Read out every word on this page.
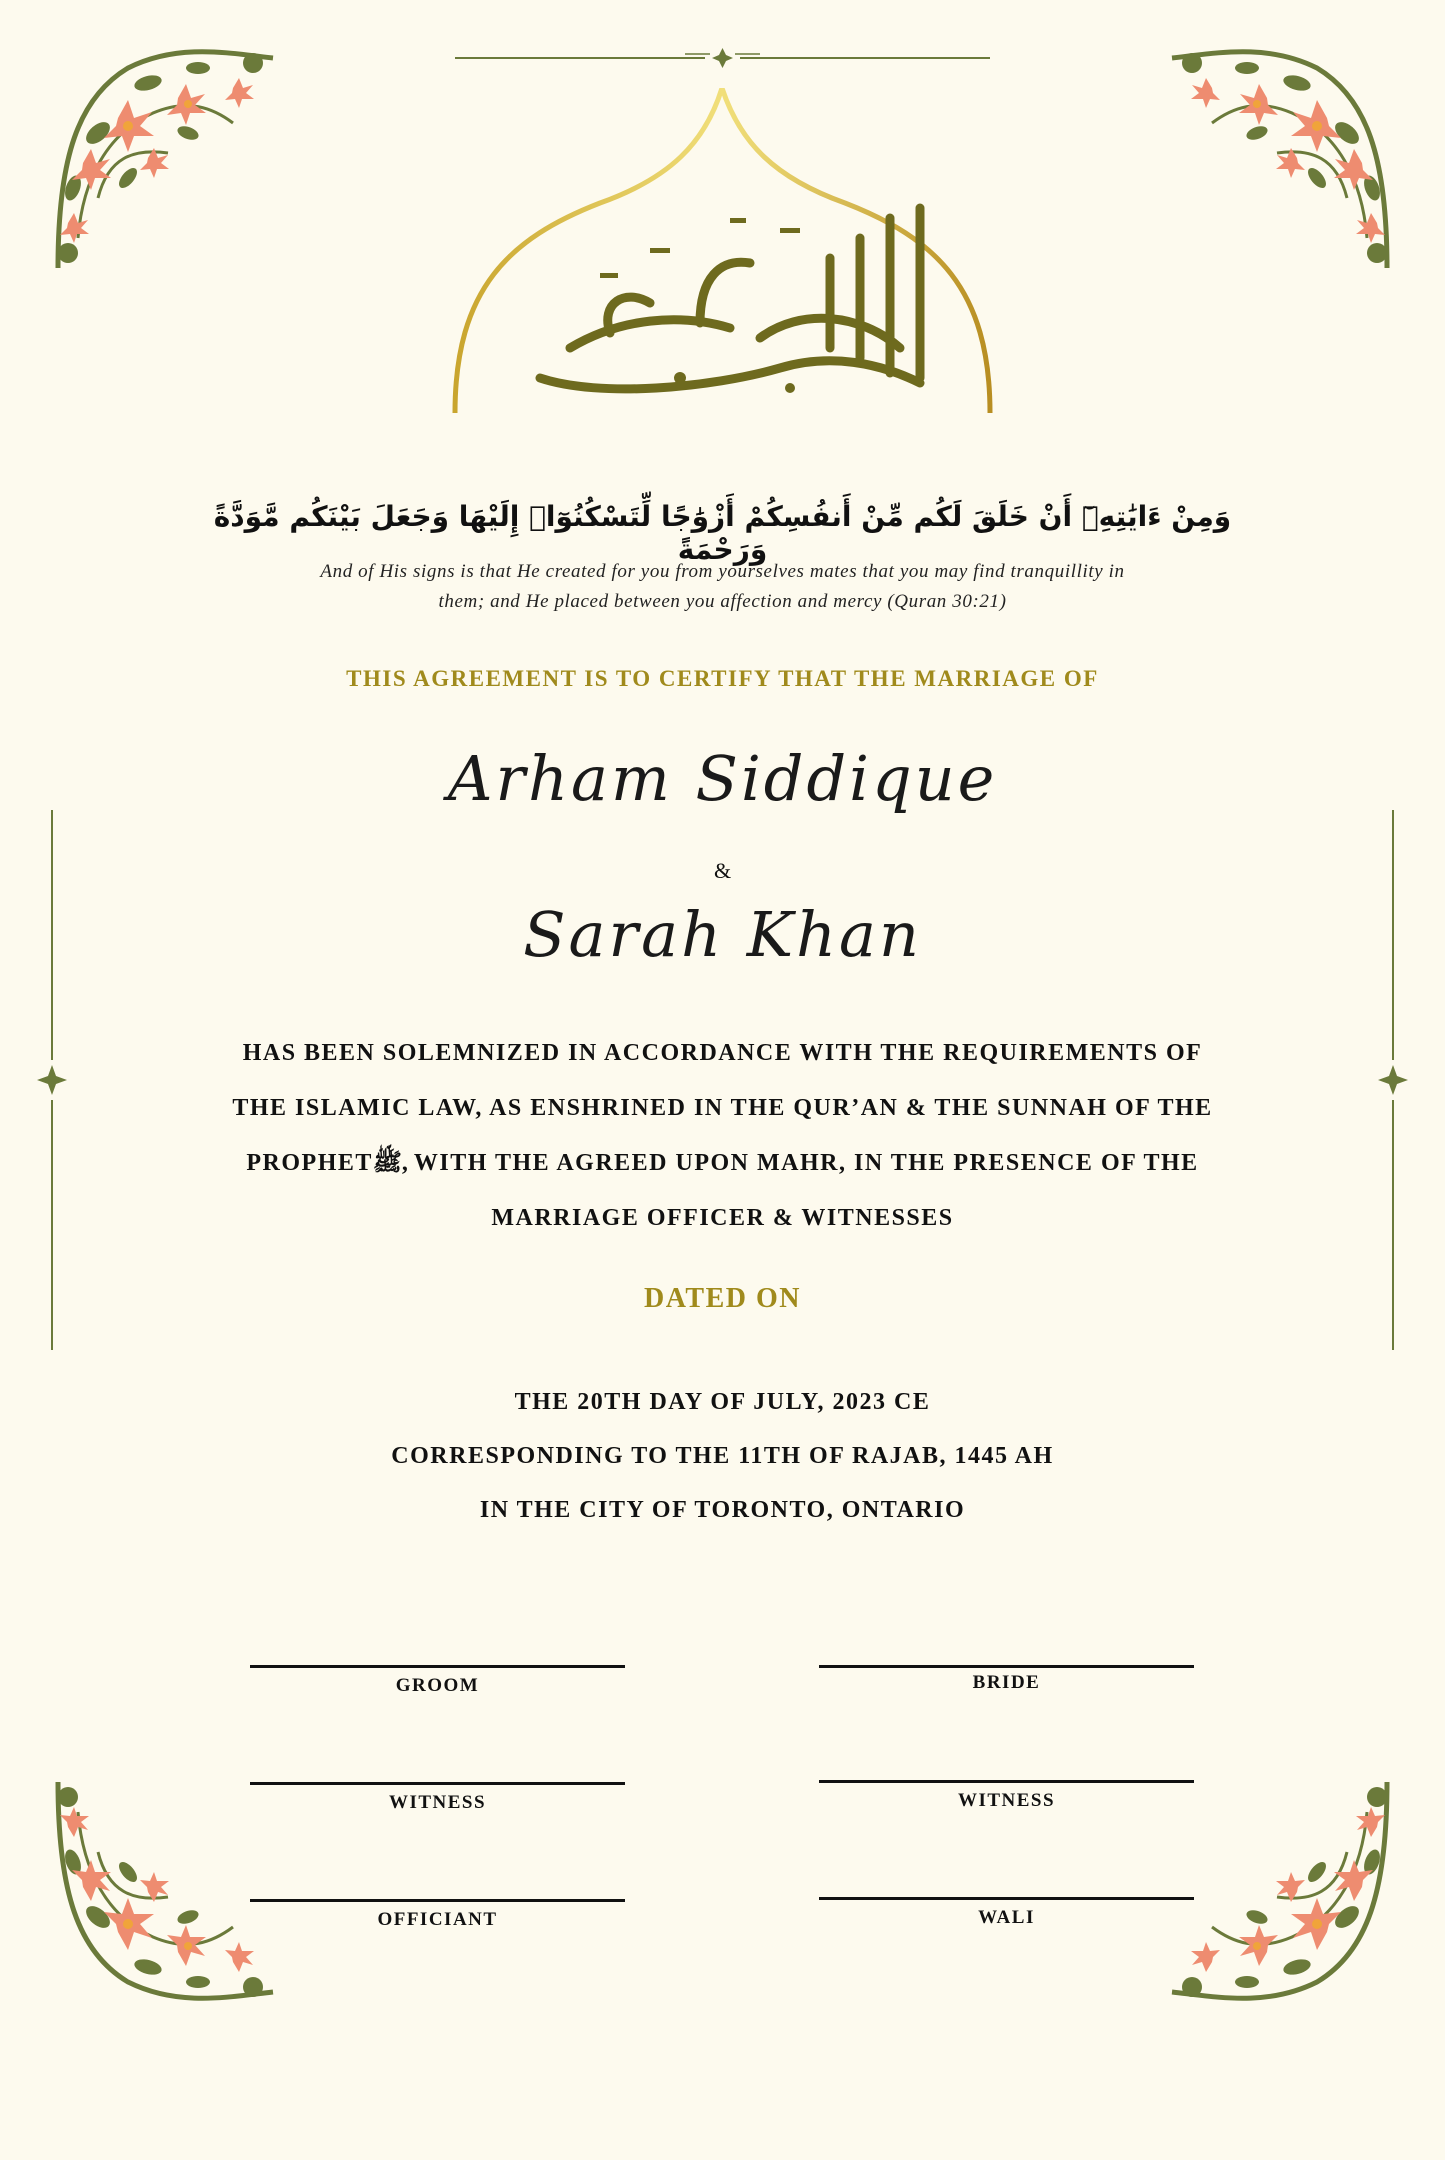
وَمِنْ ءَايَٰتِهِۦٓ أَنْ خَلَقَ لَكُم مِّنْ أَنفُسِكُمْ أَزْوَٰجًا لِّتَسْكُنُوٓا۟ إِلَيْهَا وَجَعَلَ بَيْنَكُم مَّوَدَّةً وَرَحْمَةً
And of His signs is that He created for you from yourselves mates that you may find tranquillity in
them; and He placed between you affection and mercy (Quran 30:21)
THIS AGREEMENT IS TO CERTIFY THAT THE MARRIAGE OF
Arham Siddique
&
Sarah Khan
HAS BEEN SOLEMNIZED IN ACCORDANCE WITH THE REQUIREMENTS OF
THE ISLAMIC LAW, AS ENSHRINED IN THE QUR’AN & THE SUNNAH OF THE
PROPHETﷺ, WITH THE AGREED UPON MAHR, IN THE PRESENCE OF THE
MARRIAGE OFFICER & WITNESSES
DATED ON
THE 20TH DAY OF JULY, 2023 CE
CORRESPONDING TO THE 11TH OF RAJAB, 1445 AH
IN THE CITY OF TORONTO, ONTARIO
GROOM	BRIDE
WITNESS	WITNESS
OFFICIANT	WALI
